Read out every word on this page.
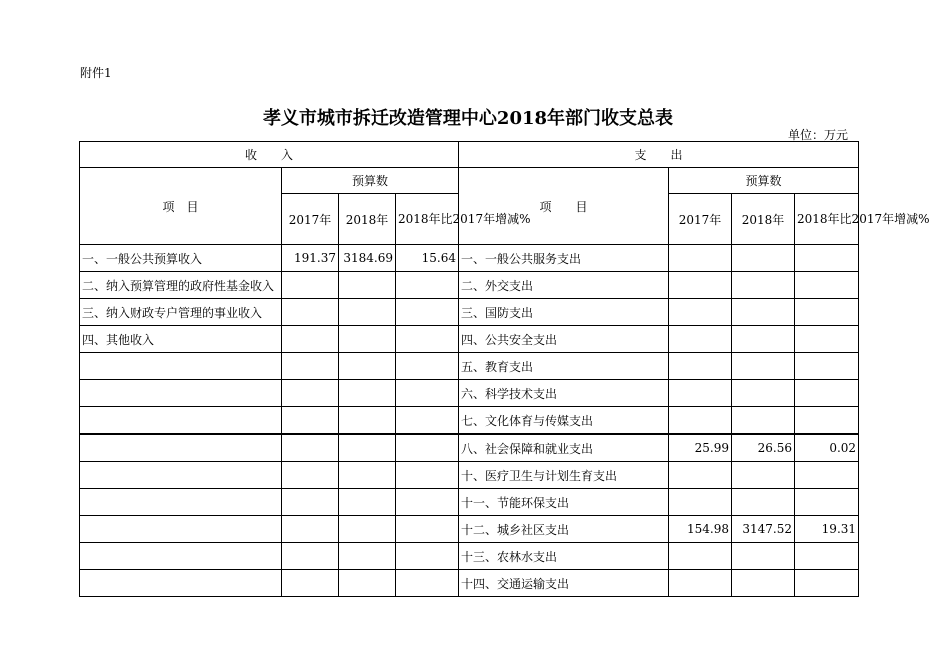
附件1
孝义市城市拆迁改造管理中心2018年部门收支总表
单位：万元
收　　入				支　　出			
项　目	预算数			项　　目	预算数		
	2017年	2018年	2018年比2017年增减%		2017年	2018年	2018年比2017年增减%
一、一般公共预算收入	191.37	3184.69	15.64	一、一般公共服务支出			
二、纳入预算管理的政府性基金收入				二、外交支出			
三、纳入财政专户管理的事业收入				三、国防支出			
四、其他收入				四、公共安全支出			
				五、教育支出			
				六、科学技术支出			
				七、文化体育与传媒支出			
				八、社会保障和就业支出	25.99	26.56	0.02
				十、医疗卫生与计划生育支出			
				十一、节能环保支出			
				十二、城乡社区支出	154.98	3147.52	19.31
				十三、农林水支出			
				十四、交通运输支出			
